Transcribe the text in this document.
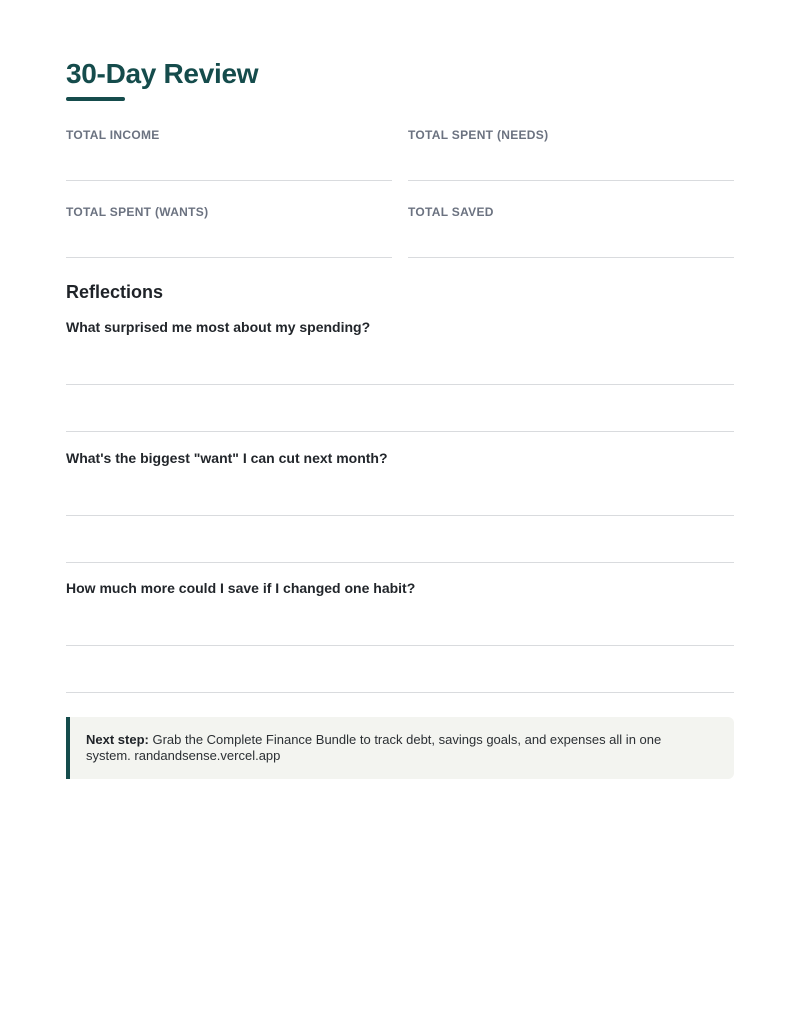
30-Day Review
TOTAL INCOME	TOTAL SPENT (NEEDS)
TOTAL SPENT (WANTS)	TOTAL SAVED
Reflections
What surprised me most about my spending?
What's the biggest "want" I can cut next month?
How much more could I save if I changed one habit?
Next step: Grab the Complete Finance Bundle to track debt, savings goals, and expenses all in one system. randandsense.vercel.app
